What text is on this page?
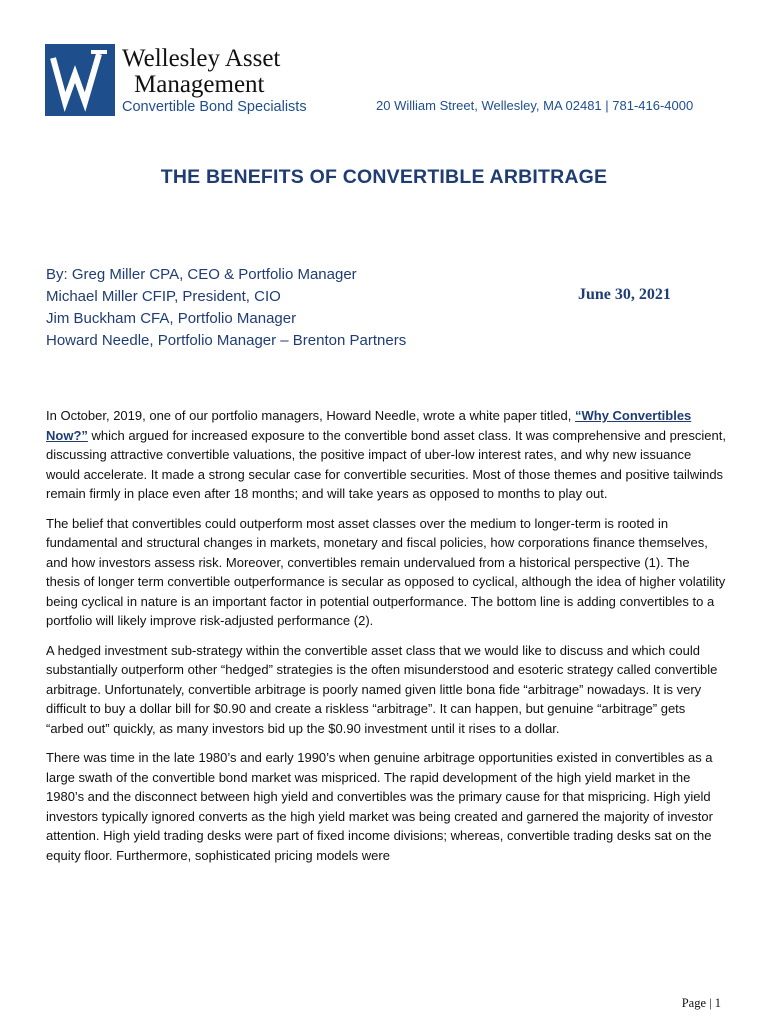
Wellesley Asset
Management
Convertible Bond Specialists	20 William Street, Wellesley, MA 02481 | 781-416-4000
THE BENEFITS OF CONVERTIBLE ARBITRAGE
By: Greg Miller CPA, CEO & Portfolio Manager
Michael Miller CFIP, President, CIO
Jim Buckham CFA, Portfolio Manager
Howard Needle, Portfolio Manager – Brenton Partners
June 30, 2021

In October, 2019, one of our portfolio managers, Howard Needle, wrote a white paper titled, “Why Convertibles Now?” which argued for increased exposure to the convertible bond asset class. It was comprehensive and prescient, discussing attractive convertible valuations, the positive impact of uber-low interest rates, and why new issuance would accelerate. It made a strong secular case for convertible securities. Most of those themes and positive tailwinds remain firmly in place even after 18 months; and will take years as opposed to months to play out.

The belief that convertibles could outperform most asset classes over the medium to longer-term is rooted in fundamental and structural changes in markets, monetary and fiscal policies, how corporations finance themselves, and how investors assess risk. Moreover, convertibles remain undervalued from a historical perspective (1). The thesis of longer term convertible outperformance is secular as opposed to cyclical, although the idea of higher volatility being cyclical in nature is an important factor in potential outperformance. The bottom line is adding convertibles to a portfolio will likely improve risk-adjusted performance (2).

A hedged investment sub-strategy within the convertible asset class that we would like to discuss and which could substantially outperform other “hedged” strategies is the often misunderstood and esoteric strategy called convertible arbitrage. Unfortunately, convertible arbitrage is poorly named given little bona fide “arbitrage” nowadays. It is very difficult to buy a dollar bill for $0.90 and create a riskless “arbitrage”. It can happen, but genuine “arbitrage” gets “arbed out” quickly, as many investors bid up the $0.90 investment until it rises to a dollar.

There was time in the late 1980’s and early 1990’s when genuine arbitrage opportunities existed in convertibles as a large swath of the convertible bond market was mispriced. The rapid development of the high yield market in the 1980’s and the disconnect between high yield and convertibles was the primary cause for that mispricing. High yield investors typically ignored converts as the high yield market was being created and garnered the majority of investor attention. High yield trading desks were part of fixed income divisions; whereas, convertible trading desks sat on the equity floor. Furthermore, sophisticated pricing models were

Page | 1
